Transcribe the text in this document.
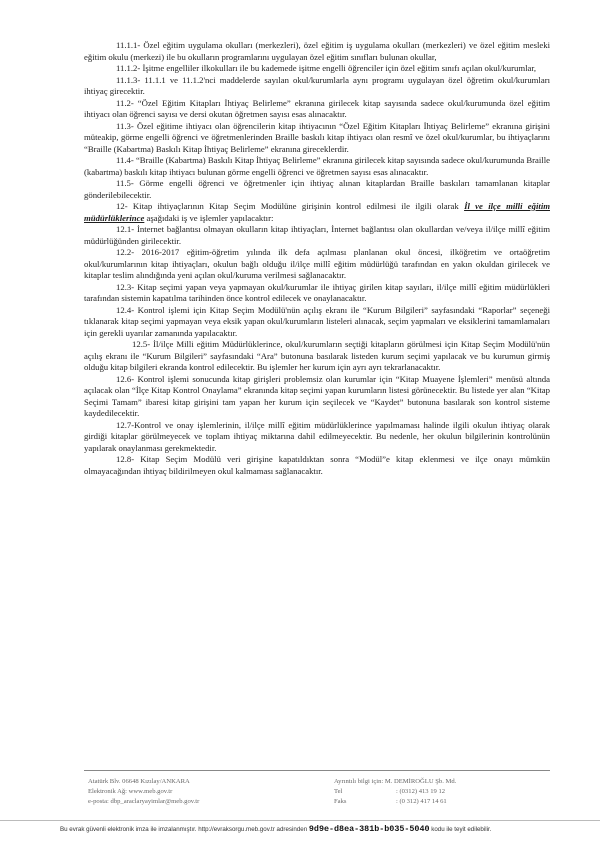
11.1.1- Özel eğitim uygulama okulları (merkezleri), özel eğitim iş uygulama okulları (merkezleri) ve özel eğitim mesleki eğitim okulu (merkezi) ile bu okulların programlarını uygulayan özel eğitim sınıfları bulunan okullar,

11.1.2- İşitme engelliler ilkokulları ile bu kademede işitme engelli öğrenciler için özel eğitim sınıfı açılan okul/kurumlar,

11.1.3- 11.1.1 ve 11.1.2'nci maddelerde sayılan okul/kurumlarla aynı programı uygulayan özel öğretim okul/kurumları ihtiyaç girecektir.

11.2- “Özel Eğitim Kitapları İhtiyaç Belirleme” ekranına girilecek kitap sayısında sadece okul/kurumunda özel eğitim ihtiyacı olan öğrenci sayısı ve dersi okutan öğretmen sayısı esas alınacaktır.

11.3- Özel eğitime ihtiyacı olan öğrencilerin kitap ihtiyacının “Özel Eğitim Kitapları İhtiyaç Belirleme” ekranına girişini müteakip, görme engelli öğrenci ve öğretmenlerinden Braille baskılı kitap ihtiyacı olan resmî ve özel okul/kurumlar, bu ihtiyaçlarını “Braille (Kabartma) Baskılı Kitap İhtiyaç Belirleme” ekranına gireceklerdir.

11.4- “Braille (Kabartma) Baskılı Kitap İhtiyaç Belirleme” ekranına girilecek kitap sayısında sadece okul/kurumunda Braille (kabartma) baskılı kitap ihtiyacı bulunan görme engelli öğrenci ve öğretmen sayısı esas alınacaktır.

11.5- Görme engelli öğrenci ve öğretmenler için ihtiyaç alınan kitaplardan Braille baskıları tamamlanan kitaplar gönderilebilecektir.

12- Kitap ihtiyaçlarının Kitap Seçim Modülüne girişinin kontrol edilmesi ile ilgili olarak İl ve ilçe milli eğitim müdürlüklerince aşağıdaki iş ve işlemler yapılacaktır:

12.1- İnternet bağlantısı olmayan okulların kitap ihtiyaçları, İnternet bağlantısı olan okullardan ve/veya il/ilçe millî eğitim müdürlüğünden girilecektir.

12.2- 2016-2017 eğitim-öğretim yılında ilk defa açılması planlanan okul öncesi, ilköğretim ve ortaöğretim okul/kurumlarının kitap ihtiyaçları, okulun bağlı olduğu il/ilçe millî eğitim müdürlüğü tarafından en yakın okuldan girilecek ve kitaplar teslim alındığında yeni açılan okul/kuruma verilmesi sağlanacaktır.

12.3- Kitap seçimi yapan veya yapmayan okul/kurumlar ile ihtiyaç girilen kitap sayıları, il/ilçe millî eğitim müdürlükleri tarafından sistemin kapatılma tarihinden önce kontrol edilecek ve onaylanacaktır.

12.4- Kontrol işlemi için Kitap Seçim Modülü'nün açılış ekranı ile “Kurum Bilgileri” sayfasındaki “Raporlar” seçeneği tıklanarak kitap seçimi yapmayan veya eksik yapan okul/kurumların listeleri alınacak, seçim yapmaları ve eksiklerini tamamlamaları için gerekli uyarılar zamanında yapılacaktır.

12.5- İl/ilçe Milli eğitim Müdürlüklerince, okul/kurumların seçtiği kitapların görülmesi için Kitap Seçim Modülü'nün açılış ekranı ile “Kurum Bilgileri” sayfasındaki “Ara” butonuna basılarak listeden kurum seçimi yapılacak ve bu kurumun girmiş olduğu kitap bilgileri ekranda kontrol edilecektir. Bu işlemler her kurum için ayrı ayrı tekrarlanacaktır.

12.6- Kontrol işlemi sonucunda kitap girişleri problemsiz olan kurumlar için “Kitap Muayene İşlemleri” menüsü altında açılacak olan “İlçe Kitap Kontrol Onaylama” ekranında kitap seçimi yapan kurumların listesi görünecektir. Bu listede yer alan “Kitap Seçimi Tamam” ibaresi kitap girişini tam yapan her kurum için seçilecek ve “Kaydet” butonuna basılarak son kontrol sisteme kaydedilecektir.

12.7-Kontrol ve onay işlemlerinin, il/ilçe millî eğitim müdürlüklerince yapılmaması halinde ilgili okulun ihtiyaç olarak girdiği kitaplar görülmeyecek ve toplam ihtiyaç miktarına dahil edilmeyecektir. Bu nedenle, her okulun bilgilerinin kontrolünün yapılarak onaylanması gerekmektedir.

12.8- Kitap Seçim Modülü veri girişine kapatıldıktan sonra “Modül”e kitap eklenmesi ve ilçe onayı mümkün olmayacağından ihtiyaç bildirilmeyen okul kalmaması sağlanacaktır.

Atatürk Blv. 06648 Kızılay/ANKARA
Elektronik Ağ: www.meb.gov.tr
e-posta: dbp_araclaryayimlar@meb.gov.tr
Ayrıntılı bilgi için: M. DEMİROĞLU Şb. Md.
Tel	: (0312) 413 19 12
Faks	: (0 312) 417 14 61
Bu evrak güvenli elektronik imza ile imzalanmıştır. http://evraksorgu.meb.gov.tr adresinden 9d9e-d8ea-381b-b035-5040 kodu ile teyit edilebilir.
